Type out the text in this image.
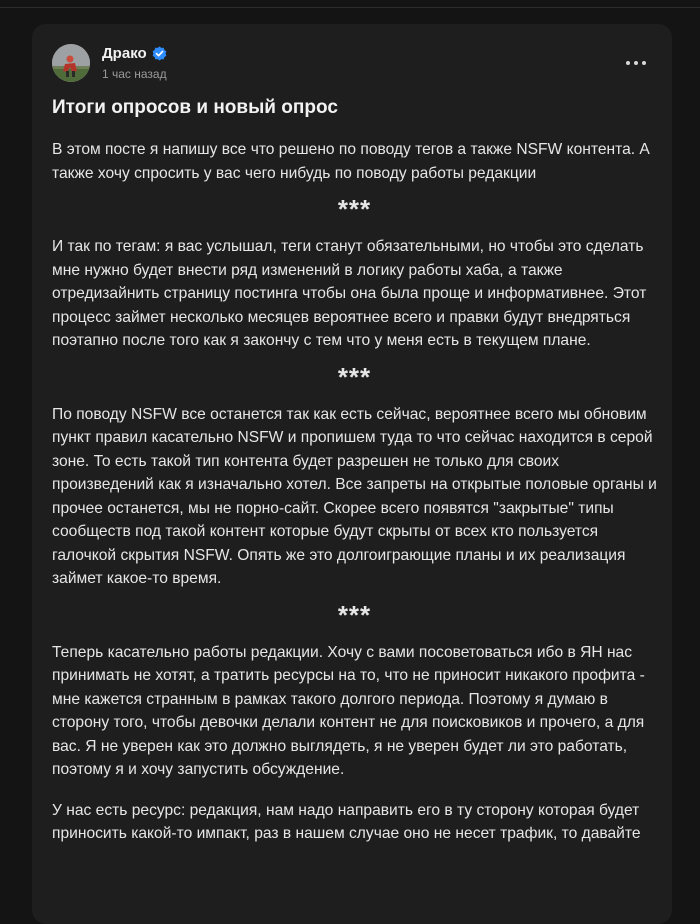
Драко
1 час назад
Итоги опросов и новый опрос

В этом посте я напишу все что решено по поводу тегов а также NSFW контента. А также хочу спросить у вас чего нибудь по поводу работы редакции

***

И так по тегам: я вас услышал, теги станут обязательными, но чтобы это сделать мне нужно будет внести ряд изменений в логику работы хаба, а также отредизайнить страницу постинга чтобы она была проще и информативнее. Этот процесс займет несколько месяцев вероятнее всего и правки будут внедряться поэтапно после того как я закончу с тем что у меня есть в текущем плане.

***

По поводу NSFW все останется так как есть сейчас, вероятнее всего мы обновим пункт правил касательно NSFW и пропишем туда то что сейчас находится в серой зоне. То есть такой тип контента будет разрешен не только для своих произведений как я изначально хотел. Все запреты на открытые половые органы и прочее останется, мы не порно-сайт. Скорее всего появятся "закрытые" типы сообществ под такой контент которые будут скрыты от всех кто пользуется галочкой скрытия NSFW. Опять же это долгоиграющие планы и их реализация займет какое-то время.

***

Теперь касательно работы редакции. Хочу с вами посоветоваться ибо в ЯН нас принимать не хотят, а тратить ресурсы на то, что не приносит никакого профита - мне кажется странным в рамках такого долгого периода. Поэтому я думаю в сторону того, чтобы девочки делали контент не для поисковиков и прочего, а для вас. Я не уверен как это должно выглядеть, я не уверен будет ли это работать, поэтому я и хочу запустить обсуждение.

У нас есть ресурс: редакция, нам надо направить его в ту сторону которая будет приносить какой-то импакт, раз в нашем случае оно не несет трафик, то давайте
